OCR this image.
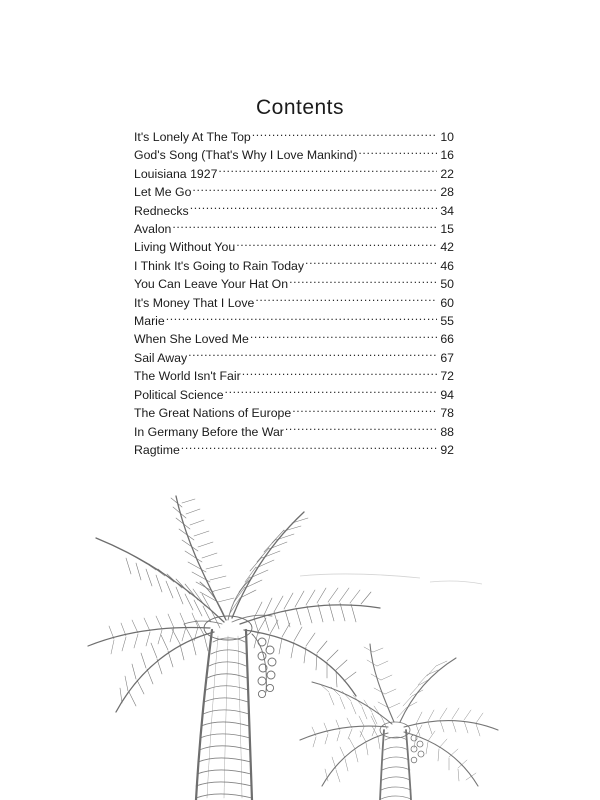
Contents
It's Lonely At The Top .....	10
God's Song (That's Why I Love Mankind) .....	16
Louisiana 1927 .....	22
Let Me Go .....	28
Rednecks .....	34
Avalon .....	15
Living Without You .....	42
I Think It's Going to Rain Today .....	46
You Can Leave Your Hat On .....	50
It's Money That I Love .....	60
Marie .....	55
When She Loved Me .....	66
Sail Away .....	67
The World Isn't Fair .....	72
Political Science .....	94
The Great Nations of Europe .....	78
In Germany Before the War .....	88
Ragtime .....	92
